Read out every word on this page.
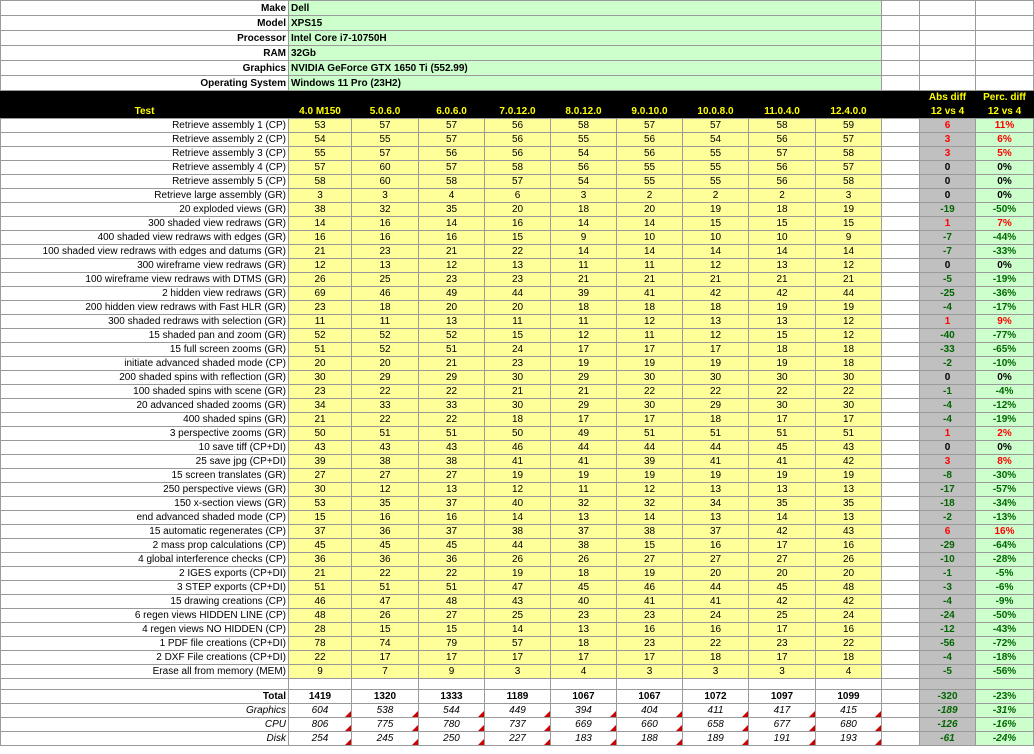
Make	Dell											
Model	XPS15											
Processor	Intel Core i7-10750H											
RAM	32Gb											
Graphics	NVIDIA GeForce GTX 1650 Ti (552.99)											
Operating System	Windows 11 Pro (23H2)											
											Abs diff	Perc. diff
Test	4.0 M150	5.0.6.0	6.0.6.0	7.0.12.0	8.0.12.0	9.0.10.0	10.0.8.0	11.0.4.0	12.4.0.0		12 vs 4	12 vs 4
Retrieve assembly 1 (CP)	53	57	57	56	58	57	57	58	59		6	11%
Retrieve assembly 2 (CP)	54	55	57	56	55	56	54	56	57		3	6%
Retrieve assembly 3 (CP)	55	57	56	56	54	56	55	57	58		3	5%
Retrieve assembly 4 (CP)	57	60	57	58	56	55	55	56	57		0	0%
Retrieve assembly 5 (CP)	58	60	58	57	54	55	55	56	58		0	0%
Retrieve large assembly (GR)	3	3	4	6	3	2	2	2	3		0	0%
20 exploded views (GR)	38	32	35	20	18	20	19	18	19		-19	-50%
300 shaded view redraws (GR)	14	16	14	16	14	14	15	15	15		1	7%
400 shaded view redraws with edges (GR)	16	16	16	15	9	10	10	10	9		-7	-44%
100 shaded view redraws with edges and datums (GR)	21	23	21	22	14	14	14	14	14		-7	-33%
300 wireframe view redraws (GR)	12	13	12	13	11	11	12	13	12		0	0%
100 wireframe view redraws with DTMS (GR)	26	25	23	23	21	21	21	21	21		-5	-19%
2 hidden view redraws (GR)	69	46	49	44	39	41	42	42	44		-25	-36%
200 hidden view redraws with Fast HLR (GR)	23	18	20	20	18	18	18	19	19		-4	-17%
300 shaded redraws with selection (GR)	11	11	13	11	11	12	13	13	12		1	9%
15 shaded pan and zoom (GR)	52	52	52	15	12	11	12	15	12		-40	-77%
15 full screen zooms (GR)	51	52	51	24	17	17	17	18	18		-33	-65%
initiate advanced shaded mode (CP)	20	20	21	23	19	19	19	19	18		-2	-10%
200 shaded spins with reflection (GR)	30	29	29	30	29	30	30	30	30		0	0%
100 shaded spins with scene (GR)	23	22	22	21	21	22	22	22	22		-1	-4%
20 advanced shaded zooms (GR)	34	33	33	30	29	30	29	30	30		-4	-12%
400 shaded spins (GR)	21	22	22	18	17	17	18	17	17		-4	-19%
3 perspective zooms (GR)	50	51	51	50	49	51	51	51	51		1	2%
10 save tiff (CP+DI)	43	43	43	46	44	44	44	45	43		0	0%
25 save jpg (CP+DI)	39	38	38	41	41	39	41	41	42		3	8%
15 screen translates (GR)	27	27	27	19	19	19	19	19	19		-8	-30%
250 perspective views (GR)	30	12	13	12	11	12	13	13	13		-17	-57%
150 x-section views (GR)	53	35	37	40	32	32	34	35	35		-18	-34%
end advanced shaded mode (CP)	15	16	16	14	13	14	13	14	13		-2	-13%
15 automatic regenerates (CP)	37	36	37	38	37	38	37	42	43		6	16%
2 mass prop calculations (CP)	45	45	45	44	38	15	16	17	16		-29	-64%
4 global interference checks (CP)	36	36	36	26	26	27	27	27	26		-10	-28%
2 IGES exports (CP+DI)	21	22	22	19	18	19	20	20	20		-1	-5%
3 STEP exports (CP+DI)	51	51	51	47	45	46	44	45	48		-3	-6%
15 drawing creations (CP)	46	47	48	43	40	41	41	42	42		-4	-9%
6 regen views HIDDEN LINE (CP)	48	26	27	25	23	23	24	25	24		-24	-50%
4 regen views NO HIDDEN (CP)	28	15	15	14	13	16	16	17	16		-12	-43%
1 PDF file creations (CP+DI)	78	74	79	57	18	23	22	23	22		-56	-72%
2 DXF File creations (CP+DI)	22	17	17	17	17	17	18	17	18		-4	-18%
Erase all from memory (MEM)	9	7	9	3	4	3	3	3	4		-5	-56%

Total	1419	1320	1333	1189	1067	1067	1072	1097	1099		-320	-23%
Graphics	604	538	544	449	394	404	411	417	415		-189	-31%
CPU	806	775	780	737	669	660	658	677	680		-126	-16%
Disk	254	245	250	227	183	188	189	191	193		-61	-24%
